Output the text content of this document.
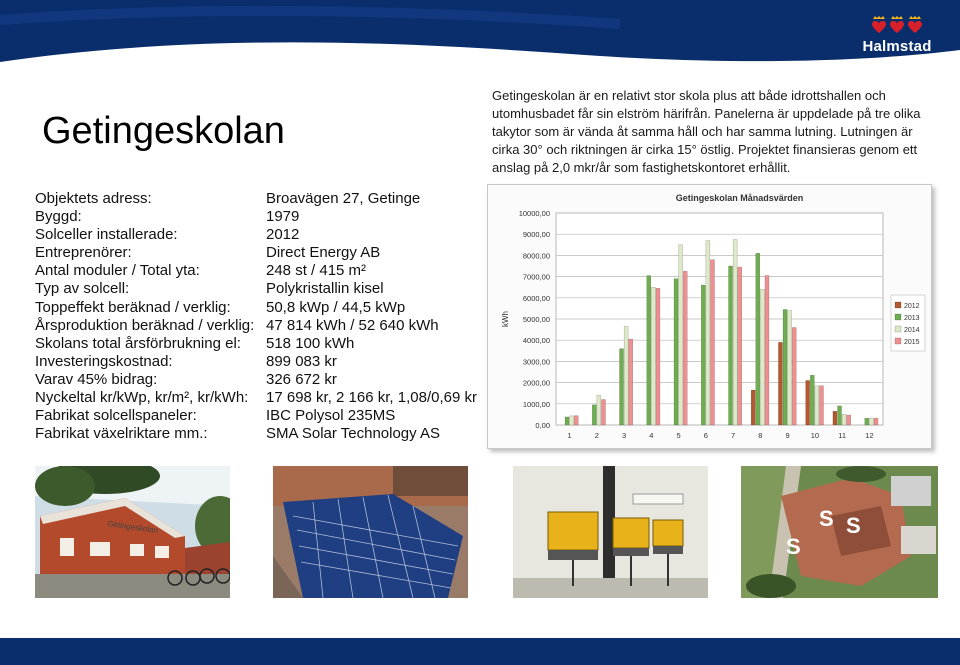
Halmstad
Getingeskolan

Getingeskolan är en relativt stor skola plus att både idrottshallen och utomhusbadet får sin elström härifrån. Panelerna är uppdelade på tre olika takytor som är vända åt samma håll och har samma lutning. Lutningen är cirka 30° och riktningen är cirka 15° östlig. Projektet finansieras genom ett anslag på 2,0 mkr/år som fastighetskontoret erhållit.

Objektets adress:	Broavägen 27, Getinge
Byggd:	1979
Solceller installerade:	2012
Entreprenörer:	Direct Energy AB
Antal moduler / Total yta:	248 st / 415 m²
Typ av solcell:	Polykristallin kisel
Toppeffekt beräknad / verklig:	50,8 kWp / 44,5 kWp
Årsproduktion beräknad / verklig: 47 814 kWh / 52 640 kWh
Skolans total årsförbrukning el:	518 100 kWh
Investeringskostnad:	899 083 kr
Varav 45% bidrag:	326 672 kr
Nyckeltal kr/kWp, kr/m², kr/kWh:	17 698 kr, 2 166 kr, 1,08/0,69 kr
Fabrikat solcellspaneler:	IBC Polysol 235MS
Fabrikat växelriktare mm.:	SMA Solar Technology AS
Getingeskolan Månadsvärden
0,00
1000,00
2000,00
3000,00
4000,00
5000,00
6000,00
7000,00
8000,00
9000,00
10000,00
kWh
1	2	3	4	5	6	7	8	9	10	11	12
2012
2013
2014
2015
Getingeskolan	S S
S
